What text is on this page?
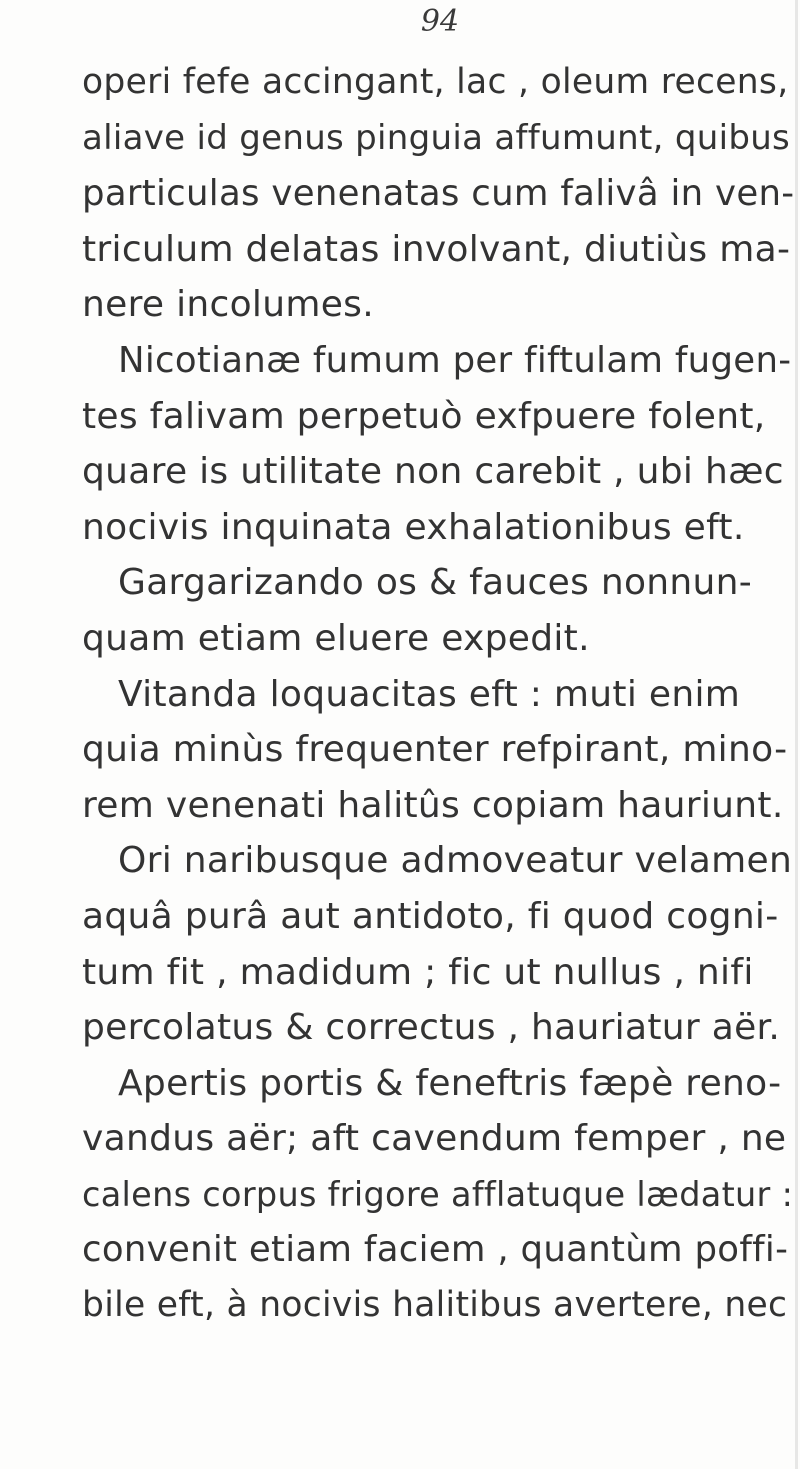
94
operi fefe accingant, lac , oleum recens,
aliave id genus pinguia affumunt, quibus
particulas venenatas cum falivâ in ven-
triculum delatas involvant, diutiùs ma-
nere incolumes.
Nicotianæ fumum per fiftulam fugen-
tes falivam perpetuò exfpuere folent,
quare is utilitate non carebit , ubi hæc
nocivis inquinata exhalationibus eft.
Gargarizando os & fauces nonnun-
quam etiam eluere expedit.
Vitanda loquacitas eft : muti enim
quia minùs frequenter refpirant, mino-
rem venenati halitûs copiam hauriunt.
Ori naribusque admoveatur velamen
aquâ purâ aut antidoto, fi quod cogni-
tum fit , madidum ; fic ut nullus , nifi
percolatus & correctus , hauriatur aër.
Apertis portis & feneftris fæpè reno-
vandus aër; aft cavendum femper , ne
calens corpus frigore afflatuque lædatur :
convenit etiam faciem , quantùm poffi-
bile eft, à nocivis halitibus avertere, nec
